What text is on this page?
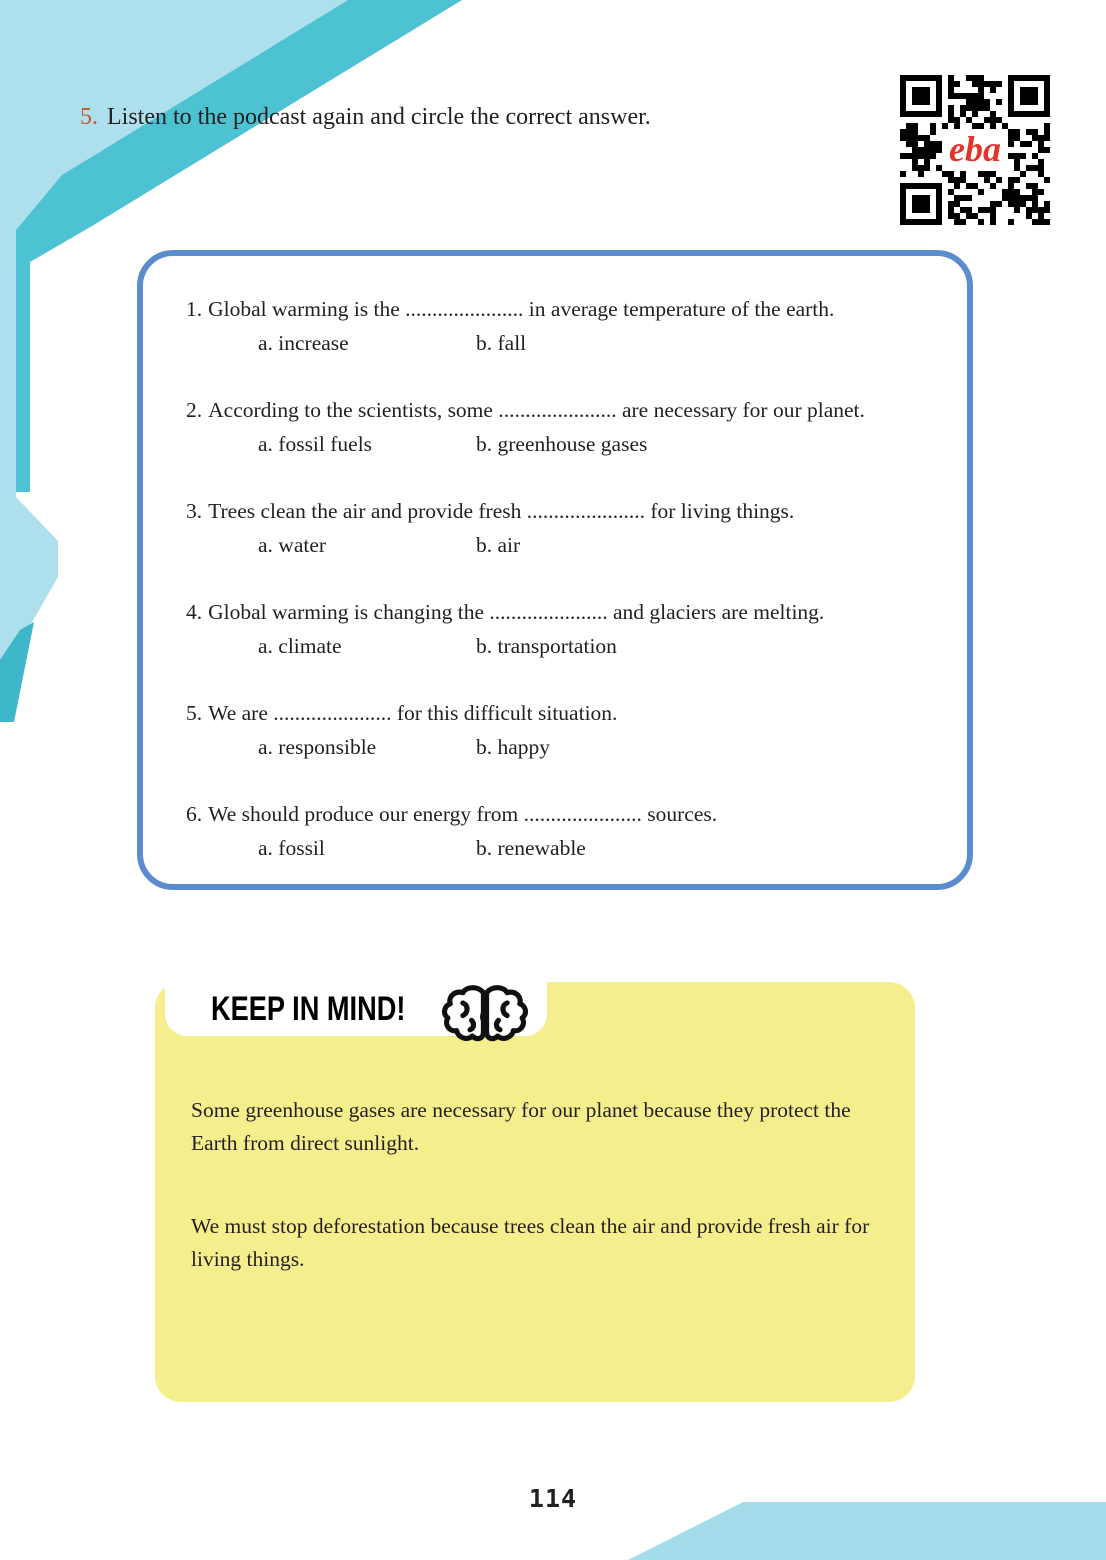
5. Listen to the podcast again and circle the correct answer.
eba
1. Global warming is the ...................... in average temperature of the earth.
a. increase	b. fall
2. According to the scientists, some ...................... are necessary for our planet.
a. fossil fuels	b. greenhouse gases
3. Trees clean the air and provide fresh ...................... for living things.
a. water	b. air
4. Global warming is changing the ...................... and glaciers are melting.
a. climate	b. transportation
5. We are ...................... for this difficult situation.
a. responsible	b. happy
6. We should produce our energy from ...................... sources.
a. fossil	b. renewable
KEEP IN MIND!

Some greenhouse gases are necessary for our planet because they protect the Earth from direct sunlight.

We must stop deforestation because trees clean the air and provide fresh air for living things.

114
